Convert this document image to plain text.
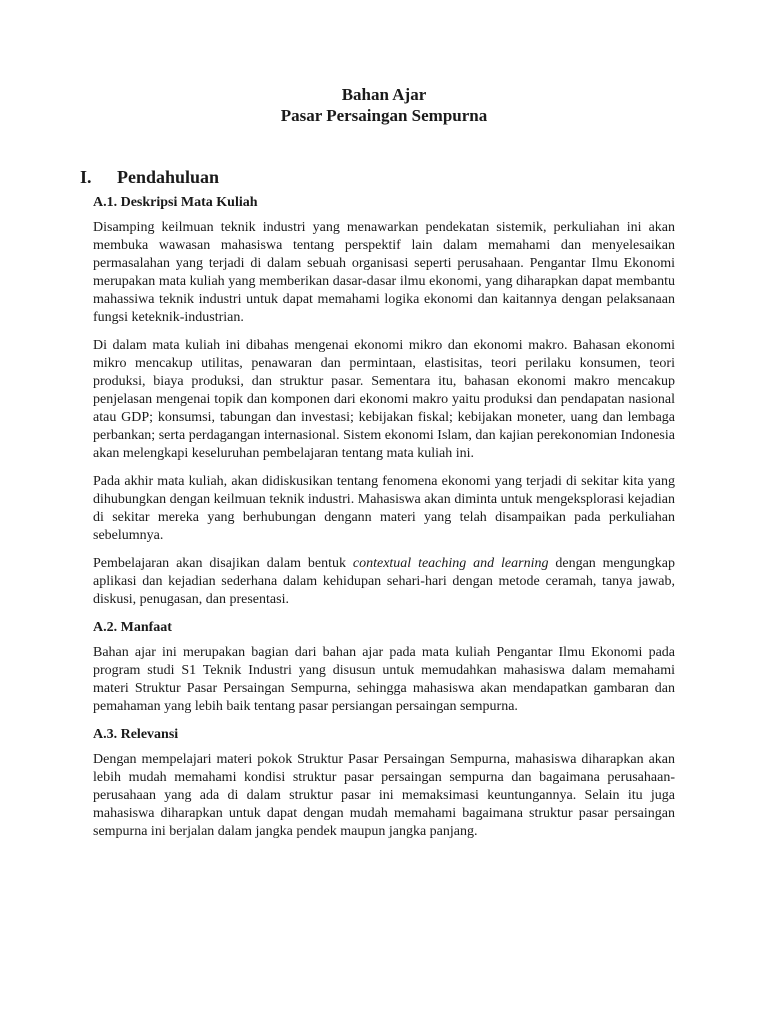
Bahan Ajar
Pasar Persaingan Sempurna
I. Pendahuluan
A.1. Deskripsi Mata Kuliah

Disamping keilmuan teknik industri yang menawarkan pendekatan sistemik, perkuliahan ini akan membuka wawasan mahasiswa tentang perspektif lain dalam memahami dan menyelesaikan permasalahan yang terjadi di dalam sebuah organisasi seperti perusahaan. Pengantar Ilmu Ekonomi merupakan mata kuliah yang memberikan dasar-dasar ilmu ekonomi, yang diharapkan dapat membantu mahassiwa teknik industri untuk dapat memahami logika ekonomi dan kaitannya dengan pelaksanaan fungsi keteknik-industrian.

Di dalam mata kuliah ini dibahas mengenai ekonomi mikro dan ekonomi makro. Bahasan ekonomi mikro mencakup utilitas, penawaran dan permintaan, elastisitas, teori perilaku konsumen, teori produksi, biaya produksi, dan struktur pasar. Sementara itu, bahasan ekonomi makro mencakup penjelasan mengenai topik dan komponen dari ekonomi makro yaitu produksi dan pendapatan nasional atau GDP; konsumsi, tabungan dan investasi; kebijakan fiskal; kebijakan moneter, uang dan lembaga perbankan; serta perdagangan internasional. Sistem ekonomi Islam, dan kajian perekonomian Indonesia akan melengkapi keseluruhan pembelajaran tentang mata kuliah ini.

Pada akhir mata kuliah, akan didiskusikan tentang fenomena ekonomi yang terjadi di sekitar kita yang dihubungkan dengan keilmuan teknik industri. Mahasiswa akan diminta untuk mengeksplorasi kejadian di sekitar mereka yang berhubungan dengann materi yang telah disampaikan pada perkuliahan sebelumnya.

Pembelajaran akan disajikan dalam bentuk contextual teaching and learning dengan mengungkap aplikasi dan kejadian sederhana dalam kehidupan sehari-hari dengan metode ceramah, tanya jawab, diskusi, penugasan, dan presentasi.

A.2. Manfaat

Bahan ajar ini merupakan bagian dari bahan ajar pada mata kuliah Pengantar Ilmu Ekonomi pada program studi S1 Teknik Industri yang disusun untuk memudahkan mahasiswa dalam memahami materi Struktur Pasar Persaingan Sempurna, sehingga mahasiswa akan mendapatkan gambaran dan pemahaman yang lebih baik tentang pasar persiangan persaingan sempurna.

A.3. Relevansi

Dengan mempelajari materi pokok Struktur Pasar Persaingan Sempurna, mahasiswa diharapkan akan lebih mudah memahami kondisi struktur pasar persaingan sempurna dan bagaimana perusahaan-perusahaan yang ada di dalam struktur pasar ini memaksimasi keuntungannya. Selain itu juga mahasiswa diharapkan untuk dapat dengan mudah memahami bagaimana struktur pasar persaingan sempurna ini berjalan dalam jangka pendek maupun jangka panjang.
